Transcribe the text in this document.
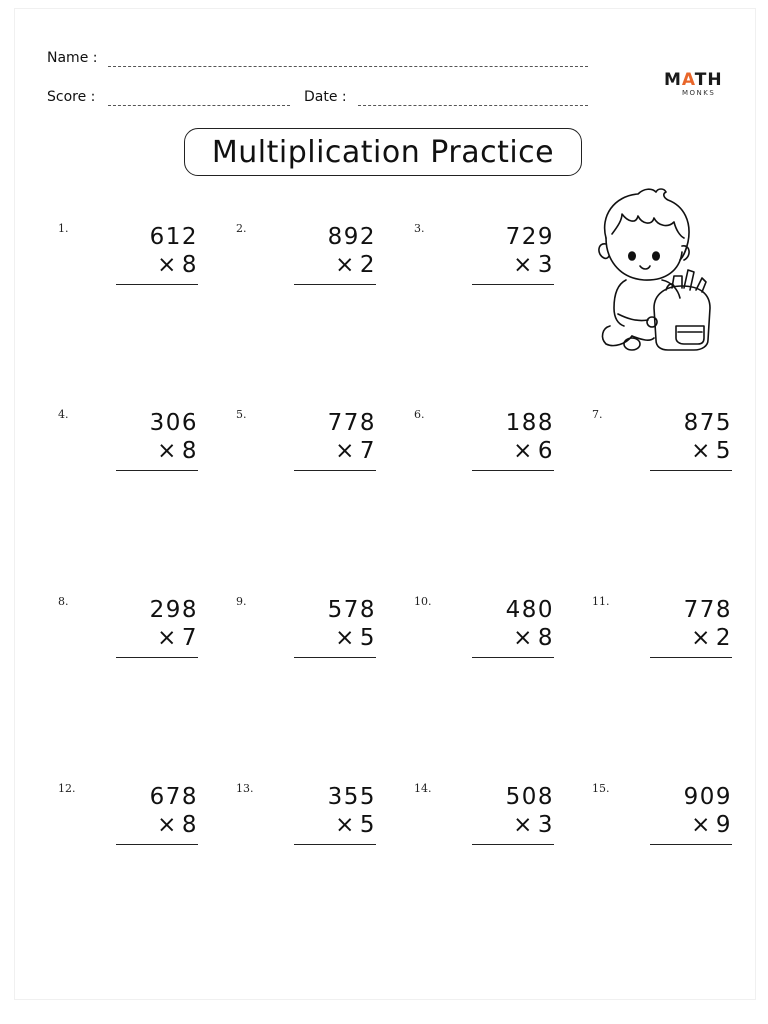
Name :
Score :	Date :
MATH
MONKS
Multiplication Practice
1.	612
× 8
2.	892
× 2
3.	729
× 3
4.	306
× 8
5.	778
× 7
6.	188
× 6
7.	875
× 5
8.	298
× 7
9.	578
× 5
10.	480
× 8
11.	778
× 2
12.	678
× 8
13.	355
× 5
14.	508
× 3
15.	909
× 9
